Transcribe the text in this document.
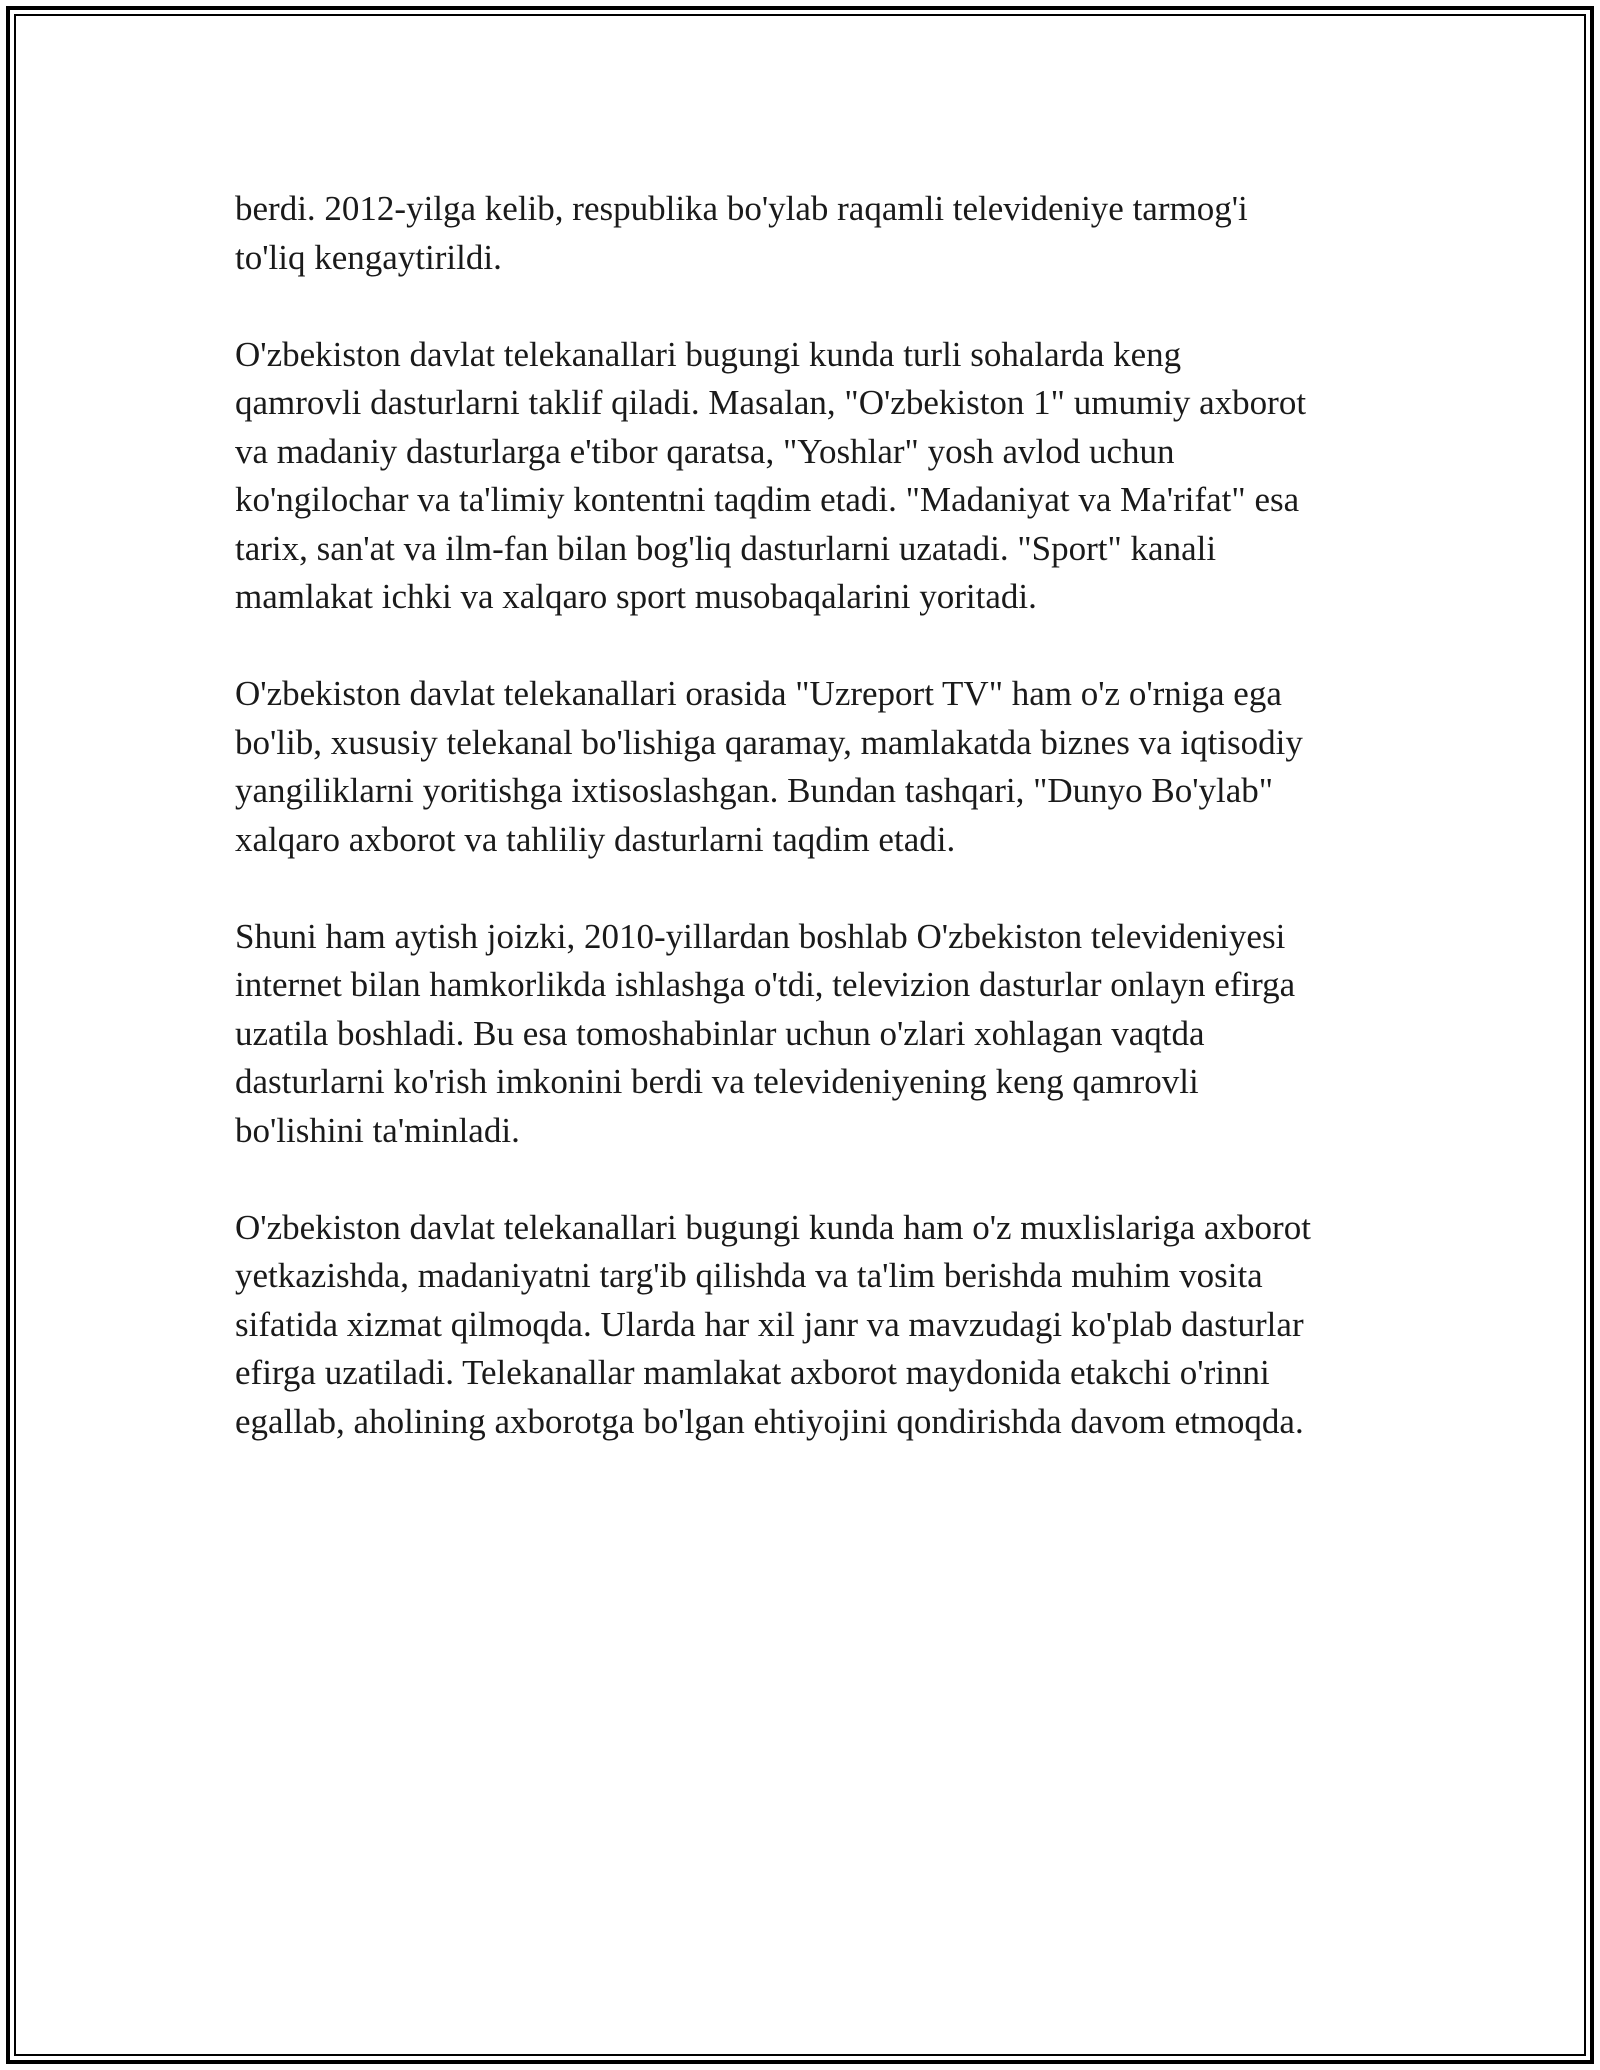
berdi. 2012-yilga kelib, respublika bo'ylab raqamli televideniye tarmog'i
to'liq kengaytirildi.

O'zbekiston davlat telekanallari bugungi kunda turli sohalarda keng
qamrovli dasturlarni taklif qiladi. Masalan, "O'zbekiston 1" umumiy axborot
va madaniy dasturlarga e'tibor qaratsa, "Yoshlar" yosh avlod uchun
ko'ngilochar va ta'limiy kontentni taqdim etadi. "Madaniyat va Ma'rifat" esa
tarix, san'at va ilm-fan bilan bog'liq dasturlarni uzatadi. "Sport" kanali
mamlakat ichki va xalqaro sport musobaqalarini yoritadi.

O'zbekiston davlat telekanallari orasida "Uzreport TV" ham o'z o'rniga ega
bo'lib, xususiy telekanal bo'lishiga qaramay, mamlakatda biznes va iqtisodiy
yangiliklarni yoritishga ixtisoslashgan. Bundan tashqari, "Dunyo Bo'ylab"
xalqaro axborot va tahliliy dasturlarni taqdim etadi.

Shuni ham aytish joizki, 2010-yillardan boshlab O'zbekiston televideniyesi
internet bilan hamkorlikda ishlashga o'tdi, televizion dasturlar onlayn efirga
uzatila boshladi. Bu esa tomoshabinlar uchun o'zlari xohlagan vaqtda
dasturlarni ko'rish imkonini berdi va televideniyening keng qamrovli
bo'lishini ta'minladi.

O'zbekiston davlat telekanallari bugungi kunda ham o'z muxlislariga axborot
yetkazishda, madaniyatni targ'ib qilishda va ta'lim berishda muhim vosita
sifatida xizmat qilmoqda. Ularda har xil janr va mavzudagi ko'plab dasturlar
efirga uzatiladi. Telekanallar mamlakat axborot maydonida etakchi o'rinni
egallab, aholining axborotga bo'lgan ehtiyojini qondirishda davom etmoqda.
